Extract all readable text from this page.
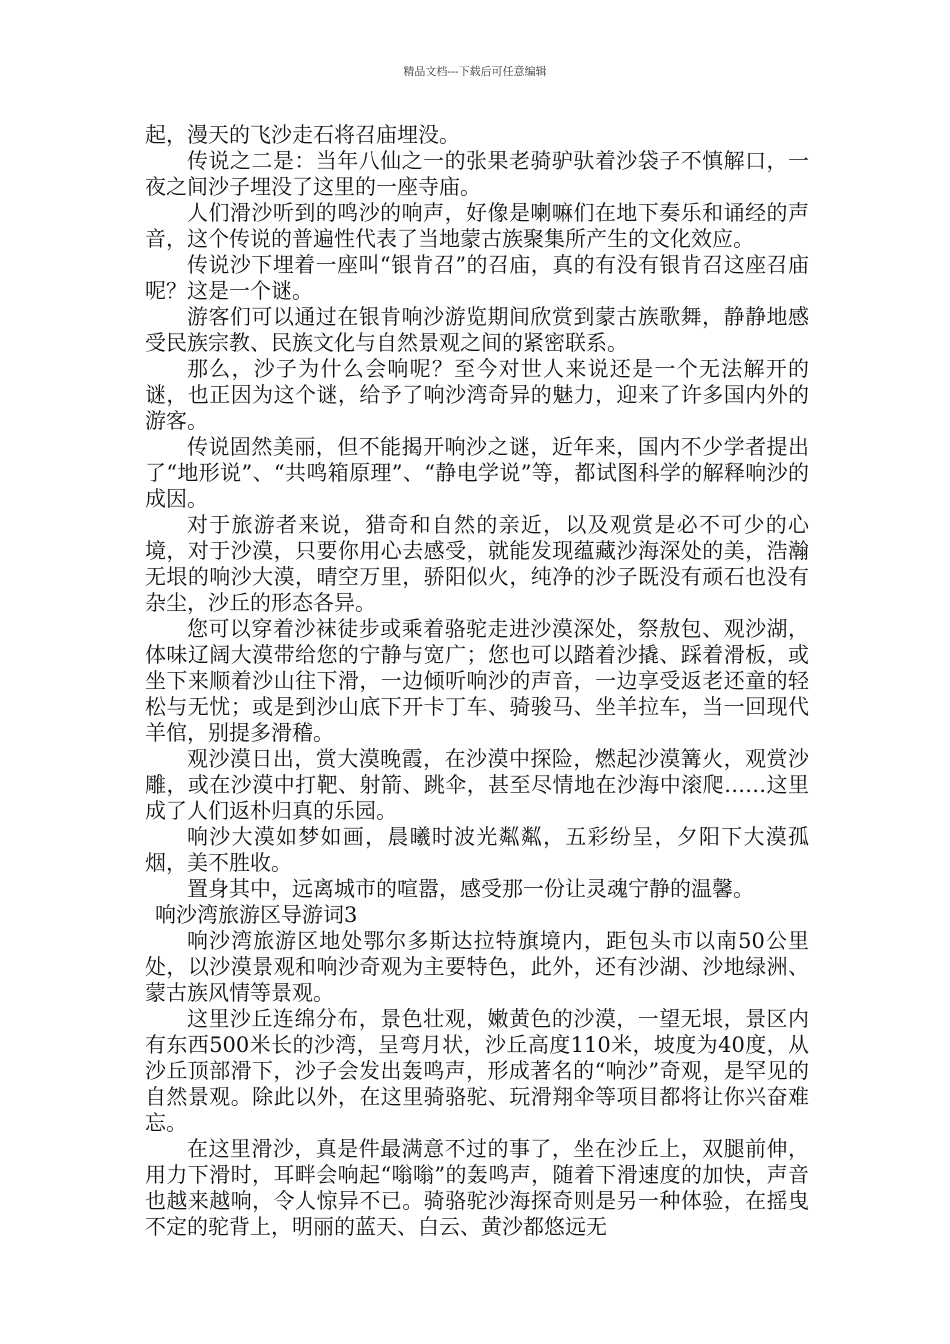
精品文档---下载后可任意编辑

起，漫天的飞沙走石将召庙埋没。

传说之二是：当年八仙之一的张果老骑驴驮着沙袋子不慎解口，一夜之间沙子埋没了这里的一座寺庙。

人们滑沙听到的鸣沙的响声，好像是喇嘛们在地下奏乐和诵经的声音，这个传说的普遍性代表了当地蒙古族聚集所产生的文化效应。

传说沙下埋着一座叫“银肯召”的召庙，真的有没有银肯召这座召庙呢？这是一个谜。

游客们可以通过在银肯响沙游览期间欣赏到蒙古族歌舞，静静地感受民族宗教、民族文化与自然景观之间的紧密联系。

那么，沙子为什么会响呢？至今对世人来说还是一个无法解开的谜，也正因为这个谜，给予了响沙湾奇异的魅力，迎来了许多国内外的游客。

传说固然美丽，但不能揭开响沙之谜，近年来，国内不少学者提出了“地形说”、“共鸣箱原理”、“静电学说”等，都试图科学的解释响沙的成因。

对于旅游者来说，猎奇和自然的亲近，以及观赏是必不可少的心境，对于沙漠，只要你用心去感受，就能发现蕴藏沙海深处的美，浩瀚无垠的响沙大漠，晴空万里，骄阳似火，纯净的沙子既没有顽石也没有杂尘，沙丘的形态各异。

您可以穿着沙袜徒步或乘着骆驼走进沙漠深处，祭敖包、观沙湖，体味辽阔大漠带给您的宁静与宽广；您也可以踏着沙撬、踩着滑板，或坐下来顺着沙山往下滑，一边倾听响沙的声音，一边享受返老还童的轻松与无忧；或是到沙山底下开卡丁车、骑骏马、坐羊拉车，当一回现代羊倌，别提多滑稽。

观沙漠日出，赏大漠晚霞，在沙漠中探险，燃起沙漠篝火，观赏沙雕，或在沙漠中打靶、射箭、跳伞，甚至尽情地在沙海中滚爬……这里成了人们返朴归真的乐园。

响沙大漠如梦如画，晨曦时波光粼粼，五彩纷呈，夕阳下大漠孤烟，美不胜收。

置身其中，远离城市的喧嚣，感受那一份让灵魂宁静的温馨。

响沙湾旅游区导游词3

响沙湾旅游区地处鄂尔多斯达拉特旗境内，距包头市以南50公里处，以沙漠景观和响沙奇观为主要特色，此外，还有沙湖、沙地绿洲、蒙古族风情等景观。

这里沙丘连绵分布，景色壮观，嫩黄色的沙漠，一望无垠，景区内有东西500米长的沙湾，呈弯月状，沙丘高度110米，坡度为40度，从沙丘顶部滑下，沙子会发出轰鸣声，形成著名的“响沙”奇观，是罕见的自然景观。除此以外，在这里骑骆驼、玩滑翔伞等项目都将让你兴奋难忘。

在这里滑沙，真是件最满意不过的事了，坐在沙丘上，双腿前伸，用力下滑时，耳畔会响起“嗡嗡”的轰鸣声，随着下滑速度的加快，声音也越来越响，令人惊异不已。骑骆驼沙海探奇则是另一种体验，在摇曳不定的驼背上，明丽的蓝天、白云、黄沙都悠远无
